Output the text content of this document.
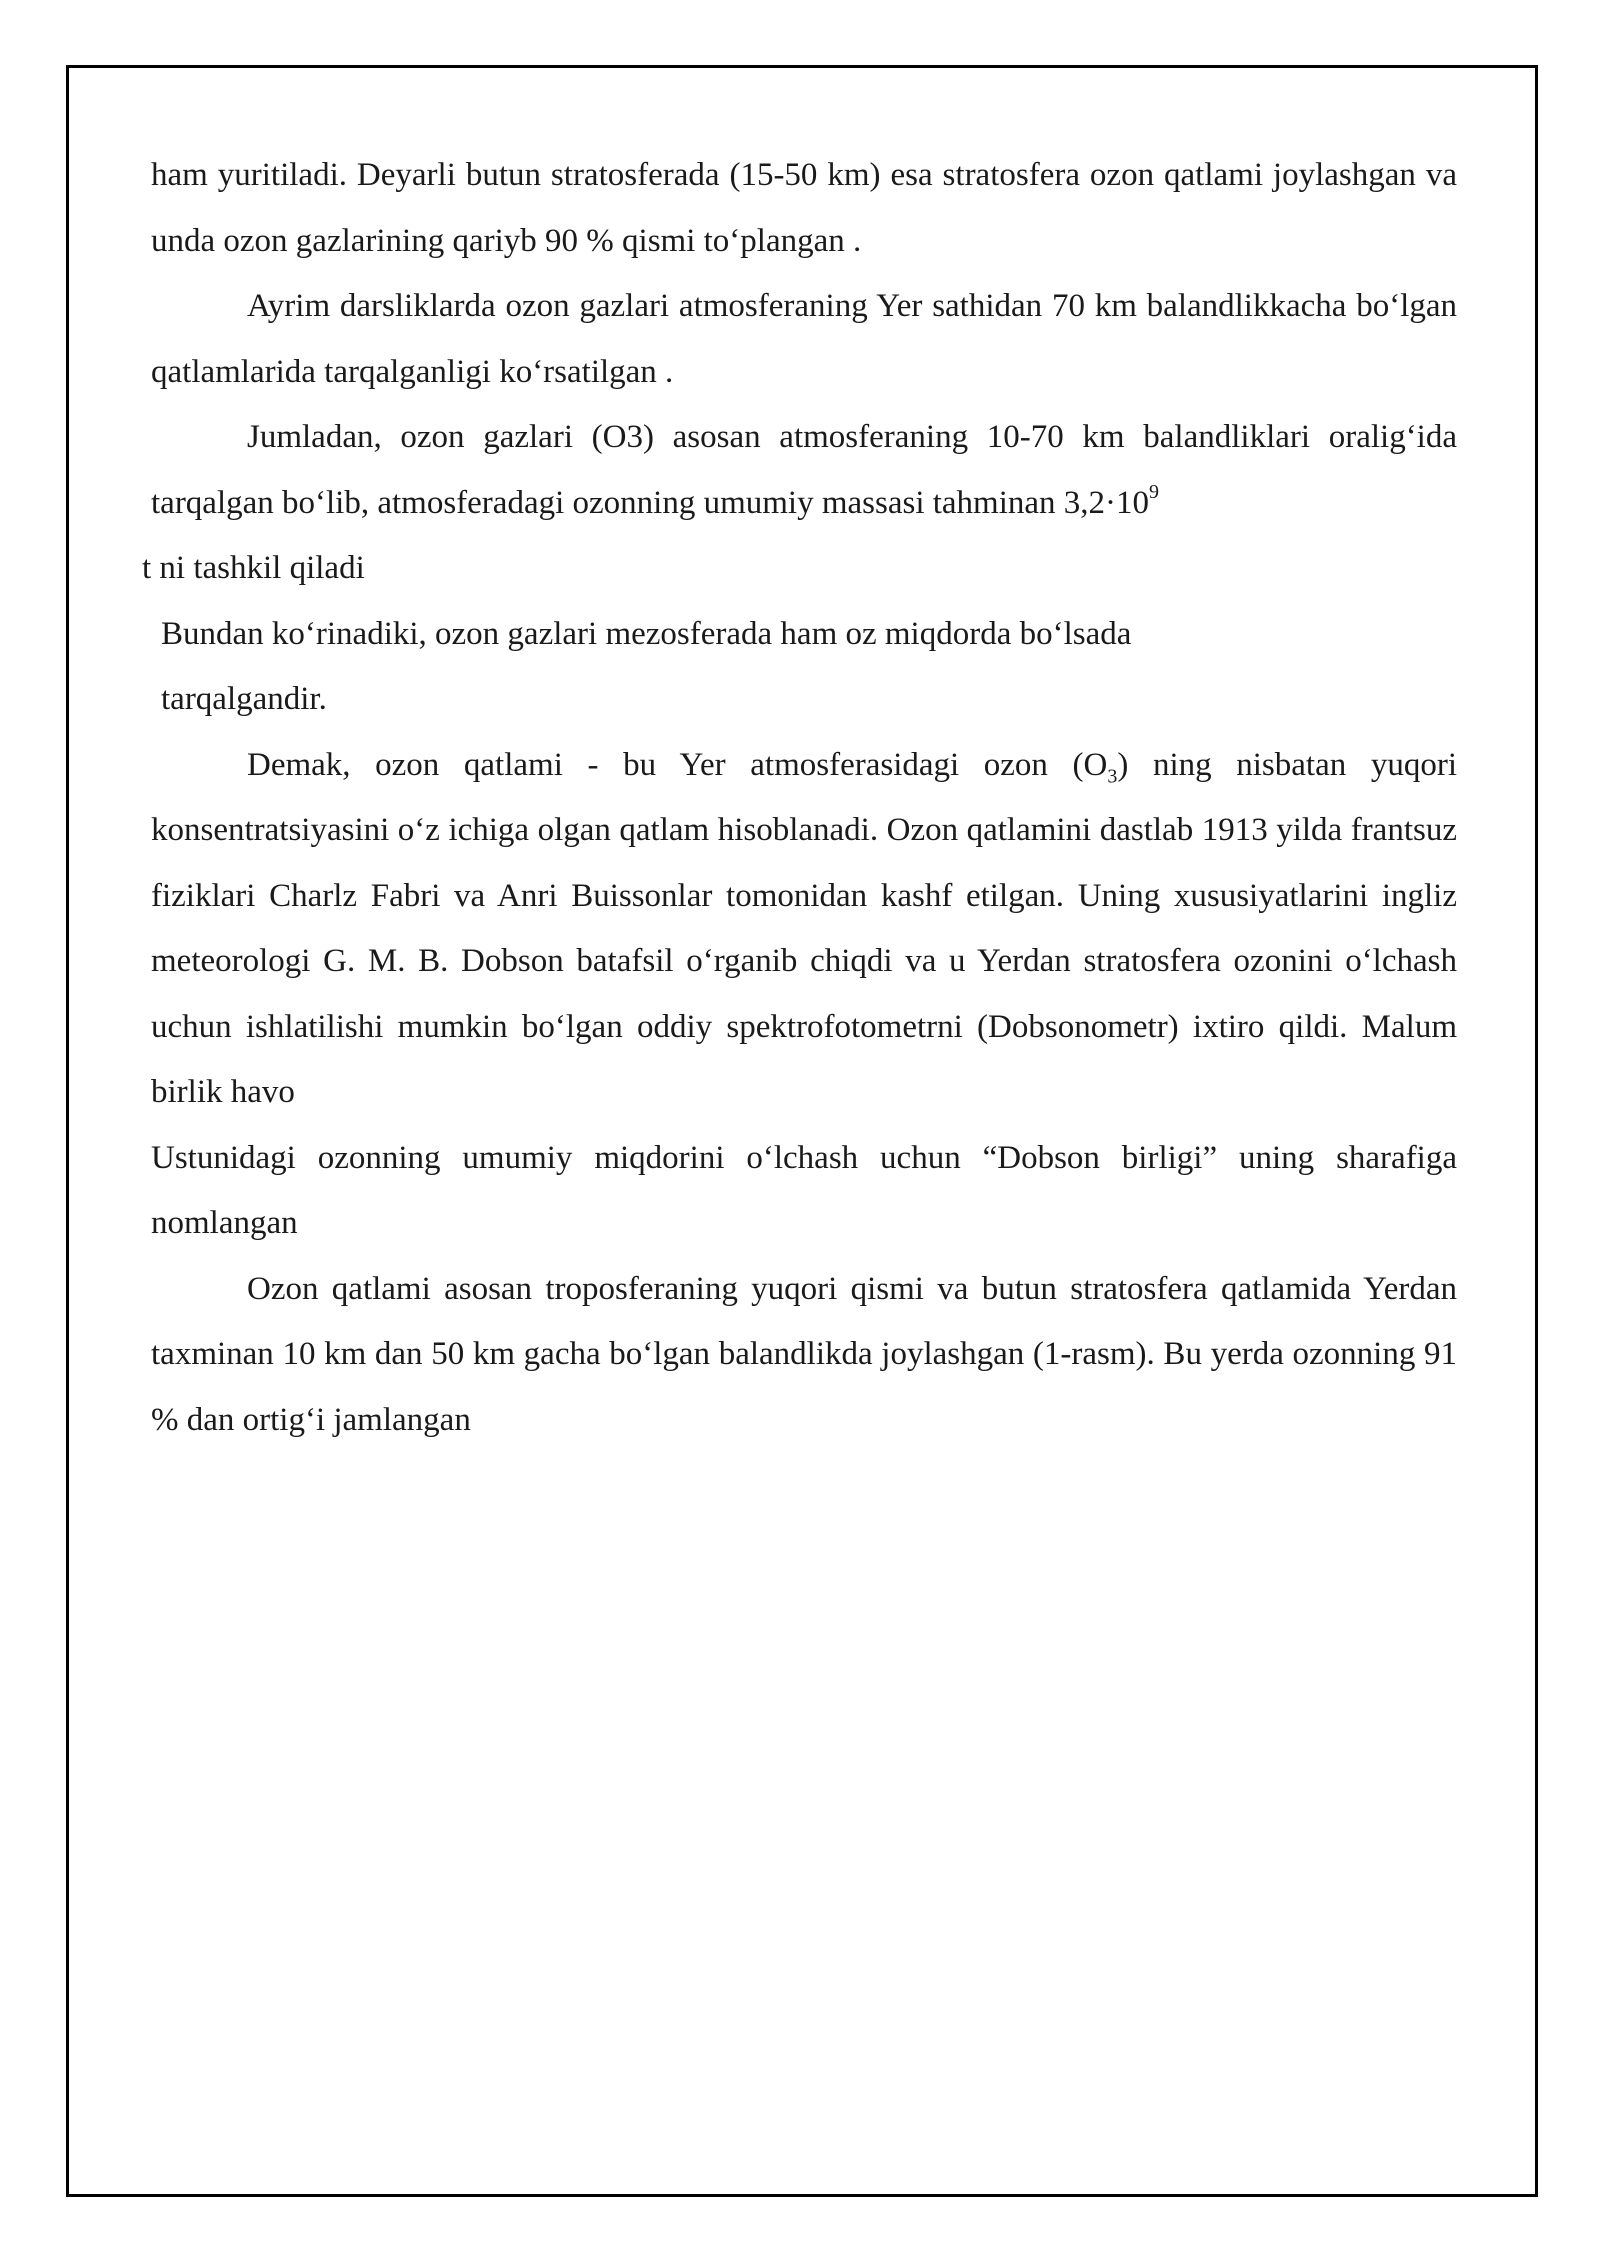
ham yuritiladi. Deyarli butun stratosferada (15-50 km) esa stratosfera ozon qatlami joylashgan va unda ozon gazlarining qariyb 90 % qismi to‘plangan .

Ayrim darsliklarda ozon gazlari atmosferaning Yer sathidan 70 km balandlikkacha bo‘lgan qatlamlarida tarqalganligi ko‘rsatilgan .

Jumladan, ozon gazlari (O3) asosan atmosferaning 10-70 km balandliklari oralig‘ida tarqalgan bo‘lib, atmosferadagi ozonning umumiy massasi tahminan $3,2\cdot 10^9$
t ni tashkil qiladi

Bundan ko‘rinadiki, ozon gazlari mezosferada ham oz miqdorda bo‘lsada
tarqalgandir.

Demak, ozon qatlami - bu Yer atmosferasidagi ozon $(O_3)$ ning nisbatan yuqori konsentratsiyasini o‘z ichiga olgan qatlam hisoblanadi. Ozon qatlamini dastlab 1913 yilda frantsuz fiziklari Charlz Fabri va Anri Buissonlar tomonidan kashf etilgan. Uning xususiyatlarini ingliz meteorologi G. M. B. Dobson batafsil o‘rganib chiqdi va u Yerdan stratosfera ozonini o‘lchash uchun ishlatilishi mumkin bo‘lgan oddiy spektrofotometrni (Dobsonometr) ixtiro qildi. Malum birlik havo

Ustunidagi ozonning umumiy miqdorini o‘lchash uchun “Dobson birligi” uning sharafiga nomlangan

Ozon qatlami asosan troposferaning yuqori qismi va butun stratosfera qatlamida Yerdan taxminan 10 km dan 50 km gacha bo‘lgan balandlikda joylashgan (1-rasm). Bu yerda ozonning 91 % dan ortig‘i jamlangan
